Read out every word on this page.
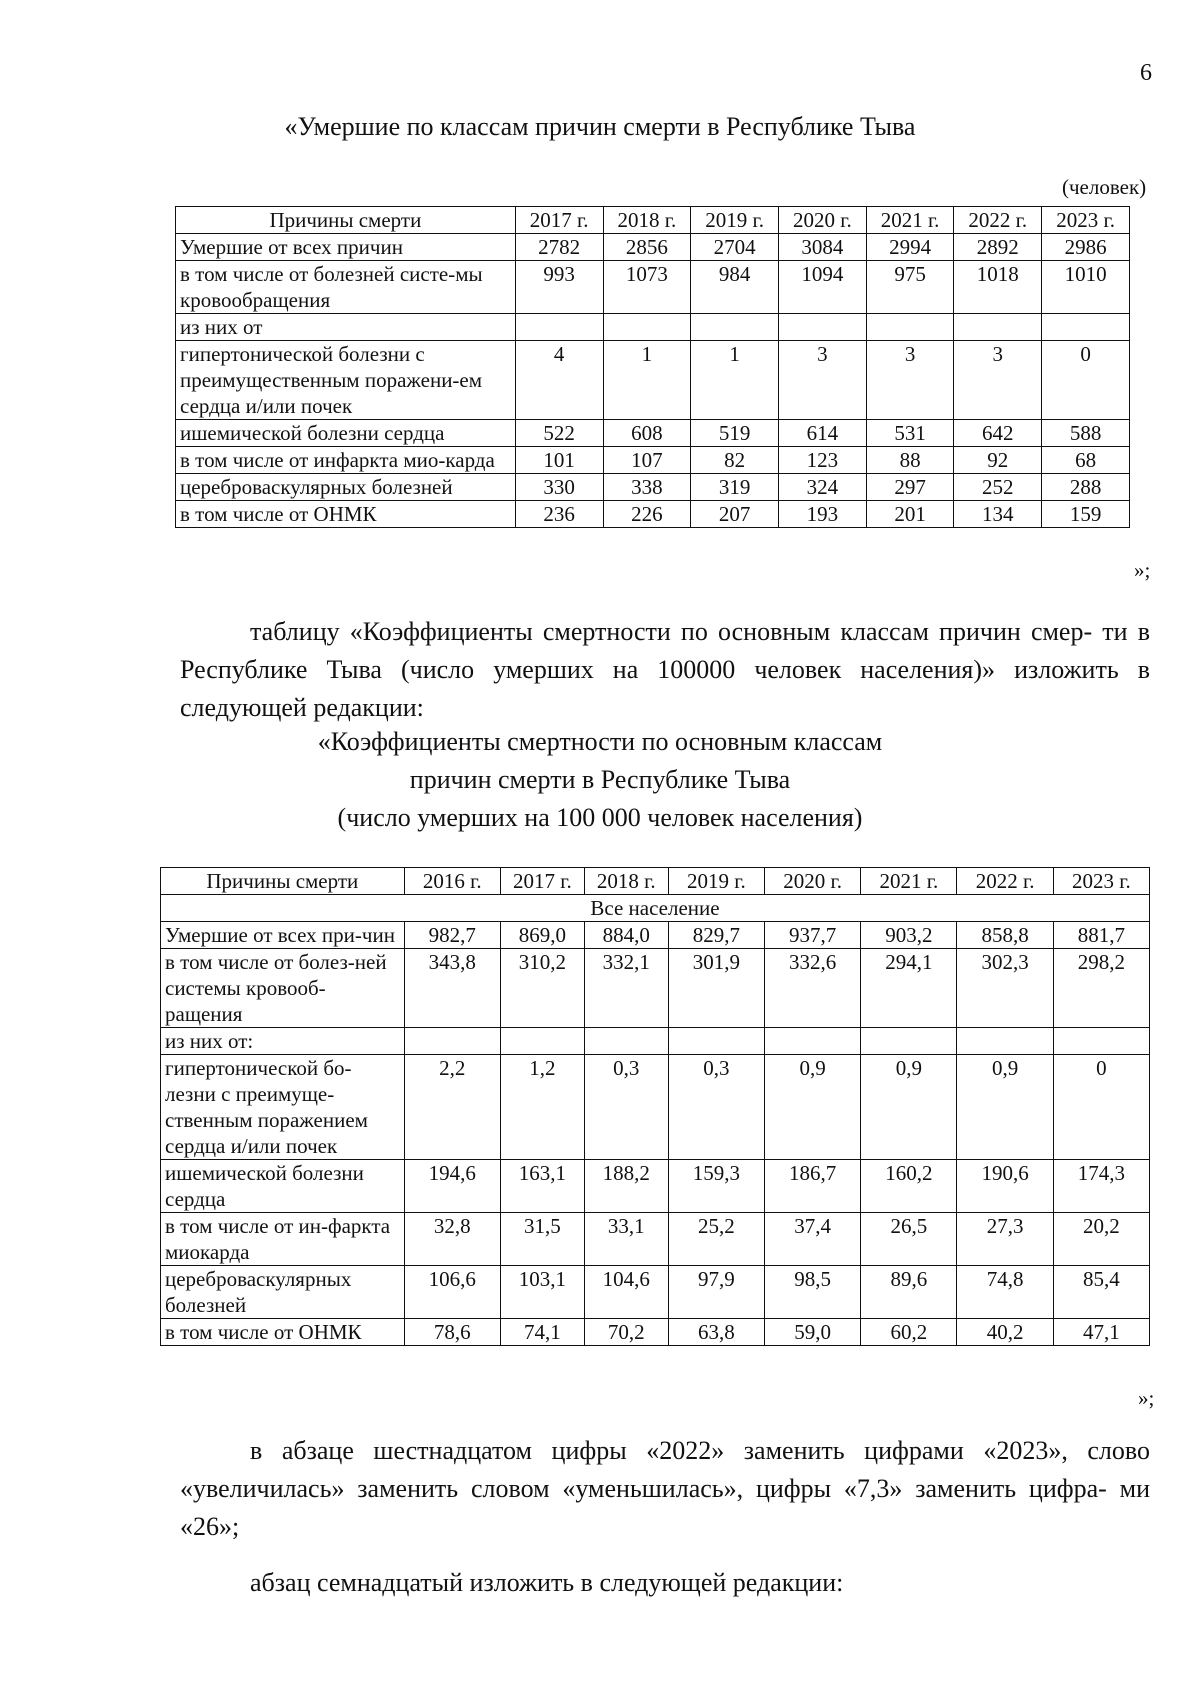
6
«Умершие по классам причин смерти в Республике Тыва
(человек)
Причины смерти	2017 г.	2018 г.	2019 г.	2020 г.	2021 г.	2022 г.	2023 г.
Умершие от всех причин	2782	2856	2704	3084	2994	2892	2986
в том числе от болезней систе-мы кровообращения	993	1073	984	1094	975	1018	1010
из них от							
гипертонической болезни с преимущественным поражени-ем сердца и/или почек	4	1	1	3	3	3	0
ишемической болезни сердца	522	608	519	614	531	642	588
в том числе от инфаркта мио-карда	101	107	82	123	88	92	68
цереброваскулярных болезней	330	338	319	324	297	252	288
в том числе от ОНМК	236	226	207	193	201	134	159
»;
таблицу «Коэффициенты смертности по основным классам причин смер- ти в Республике Тыва (число умерших на 100000 человек населения)» изложить в следующей редакции:
«Коэффициенты смертности по основным классам
причин смерти в Республике Тыва
(число умерших на 100 000 человек населения)
Причины смерти	2016 г.	2017 г.	2018 г.	2019 г.	2020 г.	2021 г.	2022 г.	2023 г.
Все население								
Умершие от всех при-чин	982,7	869,0	884,0	829,7	937,7	903,2	858,8	881,7
в том числе от болез-ней системы кровооб-ращения	343,8	310,2	332,1	301,9	332,6	294,1	302,3	298,2
из них от:								
гипертонической бо-лезни с преимуще-ственным поражением сердца и/или почек	2,2	1,2	0,3	0,3	0,9	0,9	0,9	0
ишемической болезни сердца	194,6	163,1	188,2	159,3	186,7	160,2	190,6	174,3
в том числе от ин-фаркта миокарда	32,8	31,5	33,1	25,2	37,4	26,5	27,3	20,2
цереброваскулярных болезней	106,6	103,1	104,6	97,9	98,5	89,6	74,8	85,4
в том числе от ОНМК	78,6	74,1	70,2	63,8	59,0	60,2	40,2	47,1
»;
в абзаце шестнадцатом цифры «2022» заменить цифрами «2023», слово «увеличилась» заменить словом «уменьшилась», цифры «7,3» заменить цифра- ми «26»;
абзац семнадцатый изложить в следующей редакции:
